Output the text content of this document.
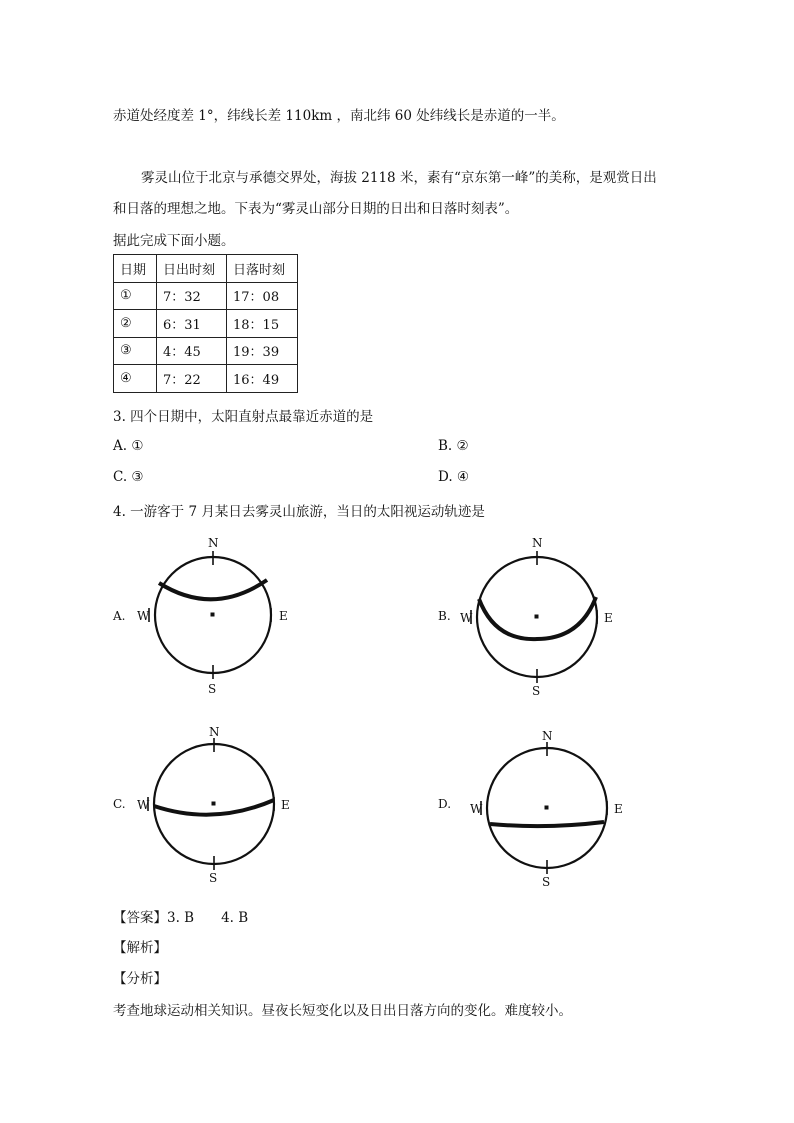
赤道处经度差 1°，纬线长差 110km ，南北纬 60 处纬线长是赤道的一半。
雾灵山位于北京与承德交界处，海拔 2118 米，素有“京东第一峰”的美称，是观赏日出
和日落的理想之地。下表为“雾灵山部分日期的日出和日落时刻表”。
据此完成下面小题。
日期	日出时刻	日落时刻
①	7：32	17：08
②	6：31	18：15
③	4：45	19：39
④	7：22	16：49
3. 四个日期中，太阳直射点最靠近赤道的是
A. ①	B. ②
C. ③	D. ④
4. 一游客于 7 月某日去雾灵山旅游，当日的太阳视运动轨迹是
A.
N
S
W	E	B.
N
S
W	E
C.
N
S
W	E	D.
N
S
W	E
【答案】3. B　　4. B
【解析】
【分析】
考查地球运动相关知识。昼夜长短变化以及日出日落方向的变化。难度较小。
